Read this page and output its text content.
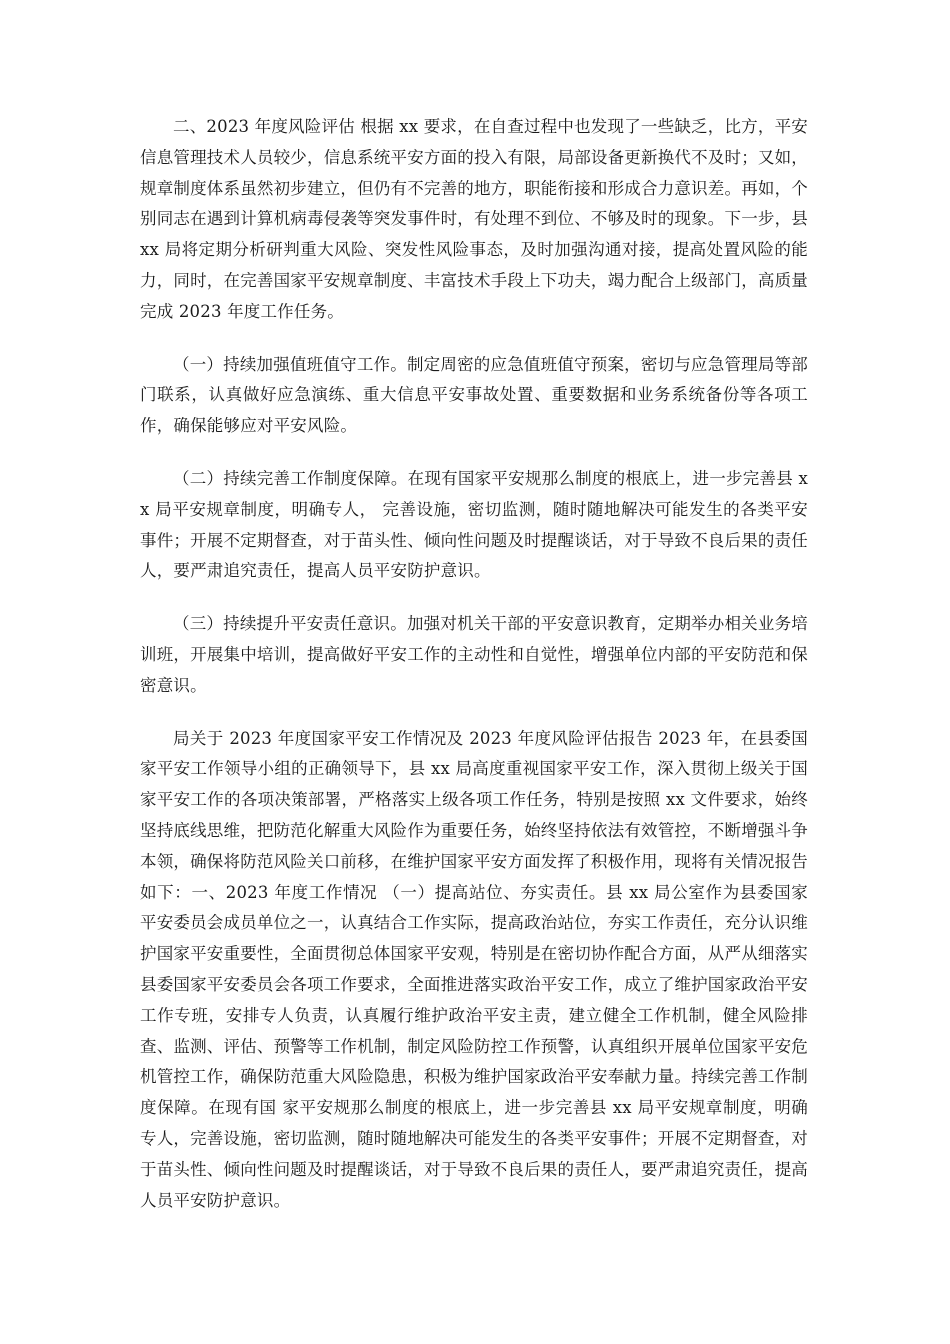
二、2023 年度风险评估 根据 xx 要求，在自查过程中也发现了一些缺乏，比方，平安信息管理技术人员较少，信息系统平安方面的投入有限，局部设备更新换代不及时；又如，规章制度体系虽然初步建立，但仍有不完善的地方，职能衔接和形成合力意识差。再如，个别同志在遇到计算机病毒侵袭等突发事件时，有处理不到位、不够及时的现象。下一步，县 xx 局将定期分析研判重大风险、突发性风险事态，及时加强沟通对接，提高处置风险的能力，同时，在完善国家平安规章制度、丰富技术手段上下功夫，竭力配合上级部门，高质量完成 2023 年度工作任务。

（一）持续加强值班值守工作。制定周密的应急值班值守预案，密切与应急管理局等部门联系，认真做好应急演练、重大信息平安事故处置、重要数据和业务系统备份等各项工作，确保能够应对平安风险。

（二）持续完善工作制度保障。在现有国家平安规那么制度的根底上，进一步完善县 xx 局平安规章制度，明确专人， 完善设施，密切监测，随时随地解决可能发生的各类平安事件；开展不定期督查，对于苗头性、倾向性问题及时提醒谈话，对于导致不良后果的责任人，要严肃追究责任，提高人员平安防护意识。

（三）持续提升平安责任意识。加强对机关干部的平安意识教育，定期举办相关业务培训班，开展集中培训，提高做好平安工作的主动性和自觉性，增强单位内部的平安防范和保密意识。

局关于 2023 年度国家平安工作情况及 2023 年度风险评估报告 2023 年，在县委国家平安工作领导小组的正确领导下，县 xx 局高度重视国家平安工作，深入贯彻上级关于国家平安工作的各项决策部署，严格落实上级各项工作任务，特别是按照 xx 文件要求，始终坚持底线思维，把防范化解重大风险作为重要任务，始终坚持依法有效管控，不断增强斗争本领，确保将防范风险关口前移，在维护国家平安方面发挥了积极作用，现将有关情况报告如下：一、2023 年度工作情况 （一）提高站位、夯实责任。县 xx 局公室作为县委国家平安委员会成员单位之一，认真结合工作实际，提高政治站位，夯实工作责任，充分认识维护国家平安重要性，全面贯彻总体国家平安观，特别是在密切协作配合方面，从严从细落实县委国家平安委员会各项工作要求，全面推进落实政治平安工作，成立了维护国家政治平安工作专班，安排专人负责，认真履行维护政治平安主责，建立健全工作机制，健全风险排查、监测、评估、预警等工作机制，制定风险防控工作预警，认真组织开展单位国家平安危机管控工作，确保防范重大风险隐患，积极为维护国家政治平安奉献力量。持续完善工作制度保障。在现有国 家平安规那么制度的根底上，进一步完善县 xx 局平安规章制度，明确专人，完善设施，密切监测，随时随地解决可能发生的各类平安事件；开展不定期督查，对于苗头性、倾向性问题及时提醒谈话，对于导致不良后果的责任人，要严肃追究责任，提高人员平安防护意识。
